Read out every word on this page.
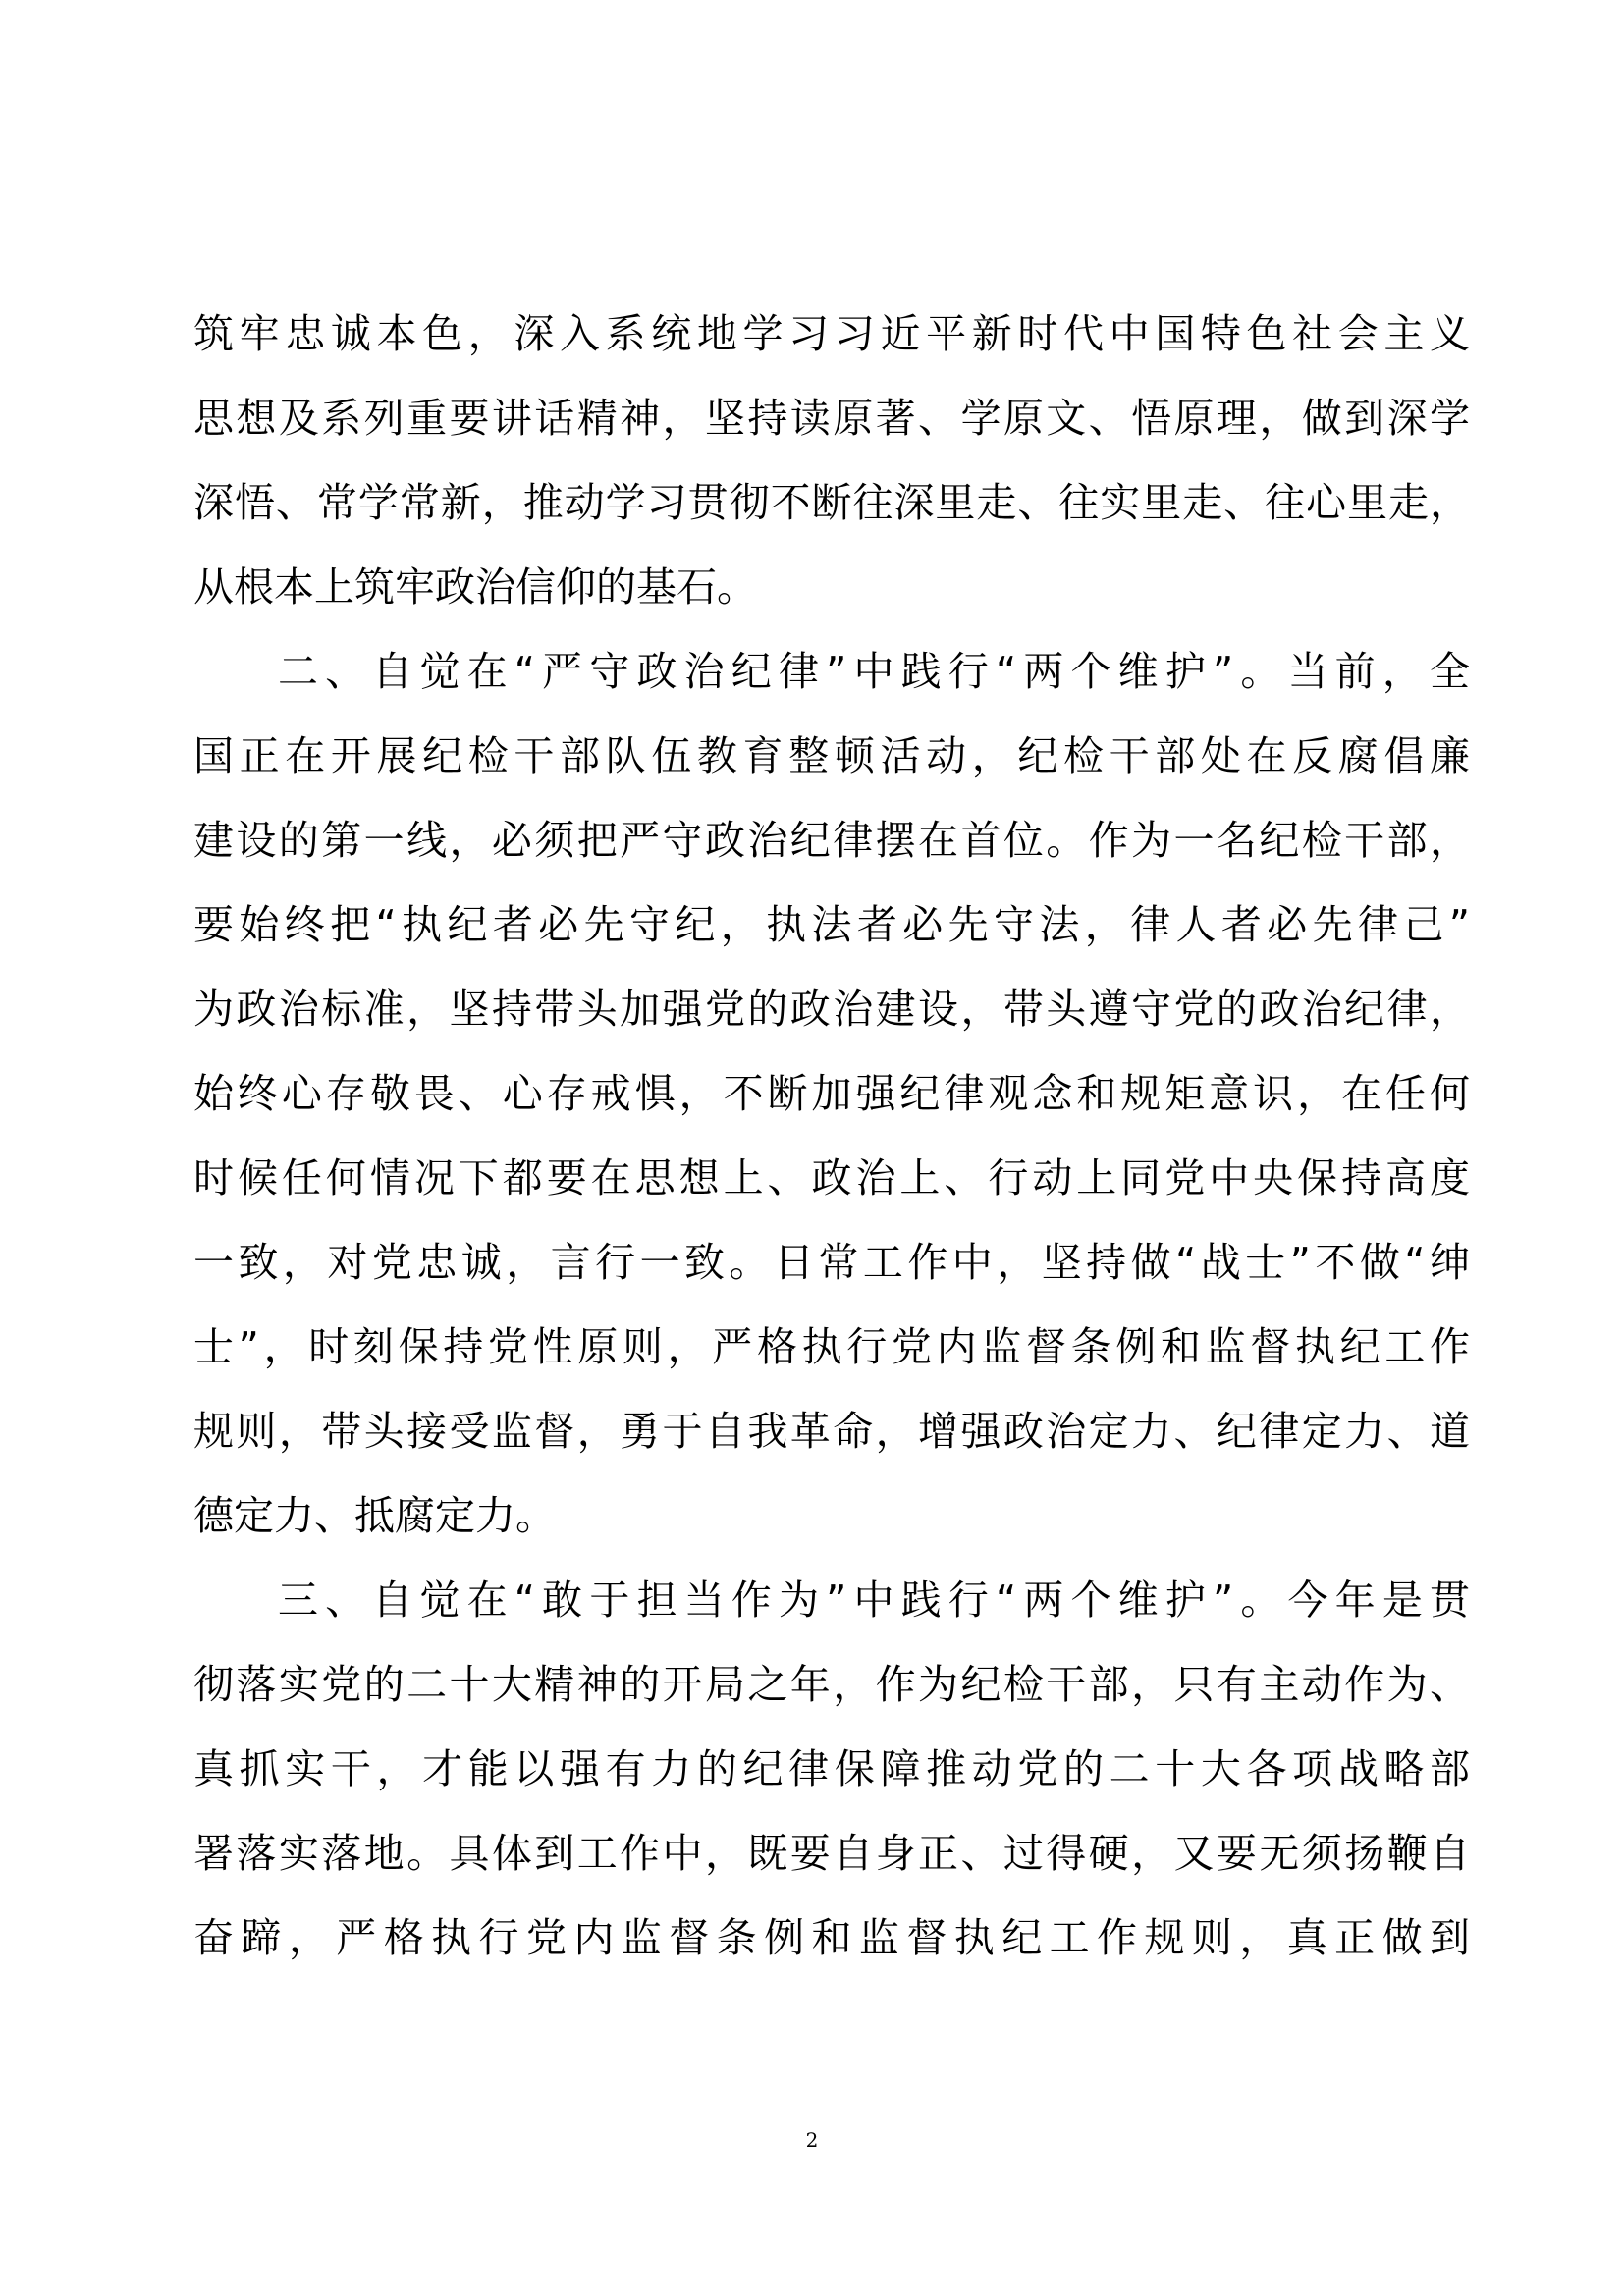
筑牢忠诚本色，深入系统地学习习近平新时代中国特色社会主义
思想及系列重要讲话精神，坚持读原著、学原文、悟原理，做到深学
深悟、常学常新，推动学习贯彻不断往深里走、往实里走、往心里走，
从根本上筑牢政治信仰的基石。
二、自觉在“严守政治纪律”中践行“两个维护”。当前，全
国正在开展纪检干部队伍教育整顿活动，纪检干部处在反腐倡廉
建设的第一线，必须把严守政治纪律摆在首位。作为一名纪检干部，
要始终把“执纪者必先守纪，执法者必先守法，律人者必先律己”
为政治标准，坚持带头加强党的政治建设，带头遵守党的政治纪律，
始终心存敬畏、心存戒惧，不断加强纪律观念和规矩意识，在任何
时候任何情况下都要在思想上、政治上、行动上同党中央保持高度
一致，对党忠诚，言行一致。日常工作中，坚持做“战士”不做“绅
士”，时刻保持党性原则，严格执行党内监督条例和监督执纪工作
规则，带头接受监督，勇于自我革命，增强政治定力、纪律定力、道
德定力、抵腐定力。
三、自觉在“敢于担当作为”中践行“两个维护”。今年是贯
彻落实党的二十大精神的开局之年，作为纪检干部，只有主动作为、
真抓实干，才能以强有力的纪律保障推动党的二十大各项战略部
署落实落地。具体到工作中，既要自身正、过得硬，又要无须扬鞭自
奋蹄，严格执行党内监督条例和监督执纪工作规则，真正做到
2
